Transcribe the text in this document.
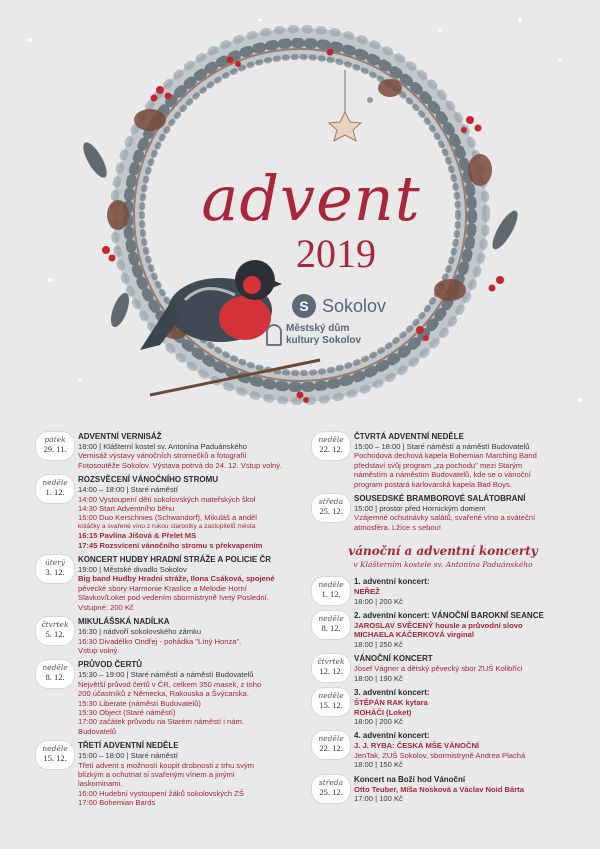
advent
2019
S Sokolov
Městský dům
kultury Sokolov
pátek
29. 11.
ADVENTNÍ VERNISÁŽ
18:00 | Klášterní kostel sv. Antonína Paduánského
Vernisáž výstavy vánočních stromečků a fotografií
Fotosoutěže Sokolov. Výstava potrvá do 24. 12. Vstup volný.
neděle
1. 12.
ROZSVĚCENÍ VÁNOČNÍHO STROMU
14:00 – 18:00 | Staré náměstí
14:00 Vystoupení dětí sokolovských mateřských škol
14:30 Start Adventního běhu
15:00 Duo Kerschnies (Schwandorf), Mikuláš a anděl
koláčky a svařené víno z rukou starostky a zastupitelů města
16:15 Pavlína Jíšová & Přelet MS
17:45 Rozsvícení vánočního stromu s překvapením
úterý
3. 12.
KONCERT HUDBY HRADNÍ STRÁŽE A POLICIE ČR
19:00 | Městské divadlo Sokolov
Big band Hudby Hradní stráže, Ilona Csáková, spojené
pěvecké sbory Harmonie Kraslice a Melodie Horní
Slavkov/Loket pod vedením sbormistryně Ivety Poslední.
Vstupné: 200 Kč
čtvrtek
5. 12.
MIKULÁŠSKÁ NADÍLKA
16:30 | nádvoří sokolovského zámku
16:30 Divadélko Ondřej - pohádka "Líný Honza".
Vstup volný.
neděle
8. 12.
PRŮVOD ČERTŮ
15:30 – 19:00 | Staré náměstí a náměstí Budovatelů
Největší průvod čertů v ČR, celkem 350 masek, z toho
200 účastníků z Německa, Rakouska a Švýcarska.
15:30 Liberate (náměstí Budovatelů)
15:30 Object (Staré náměstí)
17:00 začátek průvodu na Starém náměstí i nám.
Budovatelů
neděle
15. 12.
TŘETÍ ADVENTNÍ NEDĚLE
15:00 – 18:00 | Staré náměstí
Třetí advent s možností koupit drobnosti z trhu svým
blízkým a ochutnat si svařeným vínem a jinými
laskominami.
16:00 Hudební vystoupení žáků sokolovských ZŠ
17:00 Bohemian Bards
neděle
22. 12.
ČTVRTÁ ADVENTNÍ NEDĚLE
15:00 – 18:00 | Staré náměstí a náměstí Budovatelů
Pochodová dechová kapela Bohemian Marching Band
představí svůj program „za pochodu" mezi Starým
náměstím a náměstím Budovatelů, kde se o vánoční
program postará karlovarská kapela Bad Boys.
středa
25. 12.
SOUSEDSKÉ BRAMBOROVÉ SALÁTOBRANÍ
15:00 | prostor před Hornickým domem
Vzájemné ochutnávky salátů, svařené víno a sváteční
atmosféra. Lžíce s sebou!
vánoční a adventní koncerty
v Klášterním kostele sv. Antonína Paduánského
neděle
1. 12.
1. adventní koncert:
NEŘEŽ
18:00 | 200 Kč
neděle
8. 12.
2. adventní koncert: VÁNOČNÍ BAROKNÍ SEANCE
JAROSLAV SVĚCENÝ housle a průvodní slovo
MICHAELA KÁČERKOVÁ virginal
18:00 | 250 Kč
čtvrtek
12. 12.
VÁNOČNÍ KONCERT
Josef Vágner a dětský pěvecký sbor ZUŠ Kolibříci
18:00 | 190 Kč
neděle
15. 12.
3. adventní koncert:
ŠTĚPÁN RAK kytara
ROHÁČI (Loket)
18:00 | 200 Kč
neděle
22. 12.
4. adventní koncert:
J. J. RYBA: ČESKÁ MŠE VÁNOČNÍ
JenTak, ZUŠ Sokolov, sbormistryně Andrea Plachá
18:00 | 150 Kč
středa
25. 12.
Koncert na Boží hod Vánoční
Otto Teuber, Míša Nosková a Václav Noid Bárta
17:00 | 100 Kč
